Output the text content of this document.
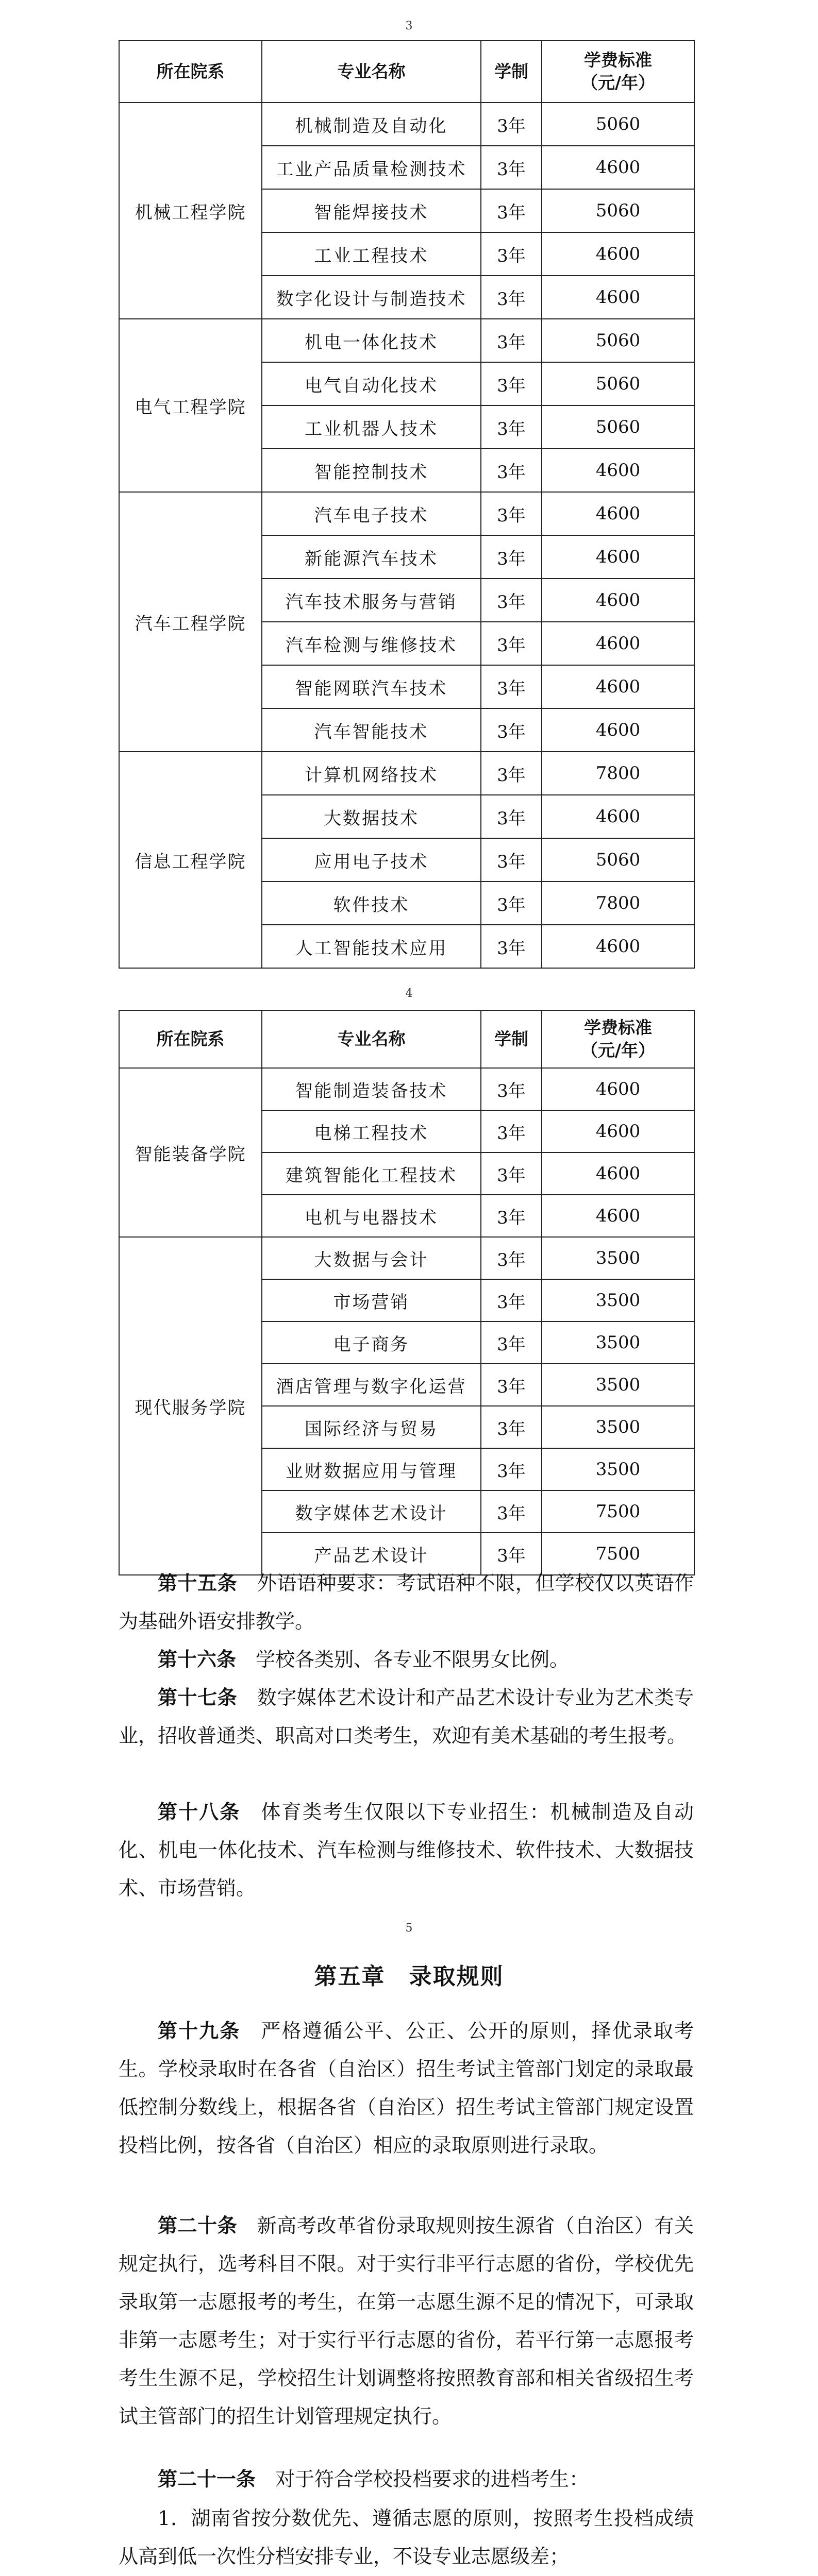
3
所在院系	专业名称	学制	学费标准
（元/年）
机械工程学院	机械制造及自动化	3年	5060
	工业产品质量检测技术	3年	4600
	智能焊接技术	3年	5060
	工业工程技术	3年	4600
	数字化设计与制造技术	3年	4600
电气工程学院	机电一体化技术	3年	5060
	电气自动化技术	3年	5060
	工业机器人技术	3年	5060
	智能控制技术	3年	4600
汽车工程学院	汽车电子技术	3年	4600
	新能源汽车技术	3年	4600
	汽车技术服务与营销	3年	4600
	汽车检测与维修技术	3年	4600
	智能网联汽车技术	3年	4600
	汽车智能技术	3年	4600
信息工程学院	计算机网络技术	3年	7800
	大数据技术	3年	4600
	应用电子技术	3年	5060
	软件技术	3年	7800
	人工智能技术应用	3年	4600
4
所在院系	专业名称	学制	学费标准
（元/年）
智能装备学院	智能制造装备技术	3年	4600
	电梯工程技术	3年	4600
	建筑智能化工程技术	3年	4600
	电机与电器技术	3年	4600
现代服务学院	大数据与会计	3年	3500
	市场营销	3年	3500
	电子商务	3年	3500
	酒店管理与数字化运营	3年	3500
	国际经济与贸易	3年	3500
	业财数据应用与管理	3年	3500
	数字媒体艺术设计	3年	7500
	产品艺术设计	3年	7500

第十五条　 外语语种要求：考试语种不限，但学校仅以英语作为基础外语安排教学。

第十六条　 学校各类别、各专业不限男女比例。

第十七条　 数字媒体艺术设计和产品艺术设计专业为艺术类专业，招收普通类、职高对口类考生，欢迎有美术基础的考生报考。

第十八条　 体育类考生仅限以下专业招生：机械制造及自动化、机电一体化技术、汽车检测与维修技术、软件技术、大数据技术、市场营销。

5
第五章　录取规则

第十九条　 严格遵循公平、公正、公开的原则，择优录取考生。学校录取时在各省（自治区）招生考试主管部门划定的录取最低控制分数线上，根据各省（自治区）招生考试主管部门规定设置投档比例，按各省（自治区）相应的录取原则进行录取。

第二十条　 新高考改革省份录取规则按生源省（自治区）有关规定执行，选考科目不限。对于实行非平行志愿的省份，学校优先录取第一志愿报考的考生，在第一志愿生源不足的情况下，可录取非第一志愿考生；对于实行平行志愿的省份，若平行第一志愿报考考生生源不足，学校招生计划调整将按照教育部和相关省级招生考试主管部门的招生计划管理规定执行。

第二十一条　 对于符合学校投档要求的进档考生：

1．湖南省按分数优先、遵循志愿的原则，按照考生投档成绩从高到低一次性分档安排专业，不设专业志愿级差；
